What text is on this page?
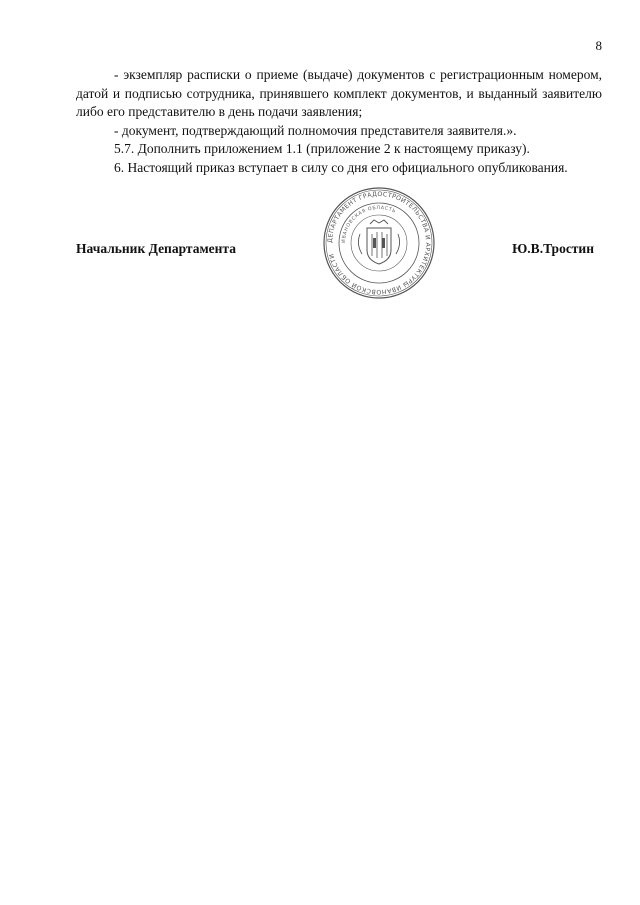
8

- экземпляр расписки о приеме (выдаче) документов с регистрационным номером, датой и подписью сотрудника, принявшего комплект документов, и выданный заявителю либо его представителю в день подачи заявления;

- документ, подтверждающий полномочия представителя заявителя.».

5.7. Дополнить приложением 1.1 (приложение 2 к настоящему приказу).

6. Настоящий приказ вступает в силу со дня его официального опубликования.

Начальник Департамента	Ю.В.Тростин
ДЕПАРТАМЕНТ ГРАДОСТРОИТЕЛЬСТВА И АРХИТЕКТУРЫ ИВАНОВСКОЙ ОБЛАСТИ
ИВАНОВСКАЯ ОБЛАСТЬ
